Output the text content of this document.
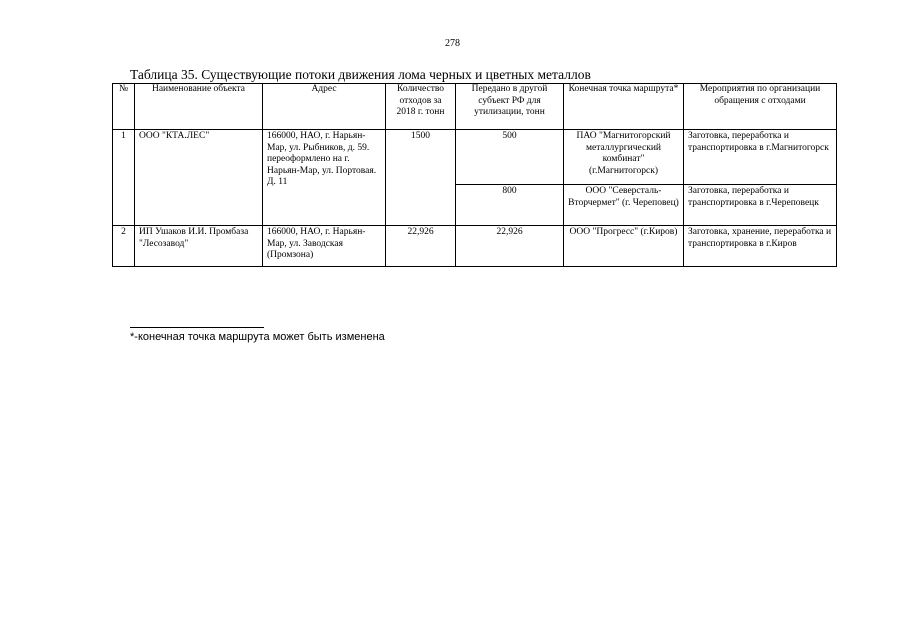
278
Таблица 35. Существующие потоки движения лома черных и цветных металлов
№	Наименование объекта	Адрес	Количество отходов за 2018 г. тонн	Передано в другой субъект РФ для утилизации, тонн	Конечная точка маршрута*	Мероприятия по организации обращения с отходами
1	ООО "КТА.ЛЕС"	166000, НАО, г. Нарьян-Мар, ул. Рыбников, д. 59. переоформлено на г. Нарьян-Мар, ул. Портовая. Д. 11	1500	500	ПАО "Магнитогорский металлургический комбинат" (г.Магнитогорск)	Заготовка, переработка и транспортировка в г.Магнитогорск
				800	ООО "Северсталь-Вторчермет" (г. Череповец)	Заготовка, переработка и транспортировка в г.Череповецк
2	ИП Ушаков И.И. Промбаза "Лесозавод"	166000, НАО, г. Нарьян-Мар, ул. Заводская (Промзона)	22,926	22,926	ООО "Прогресс" (г.Киров)	Заготовка, хранение, переработка и транспортировка в г.Киров
*-конечная точка маршрута может быть изменена
